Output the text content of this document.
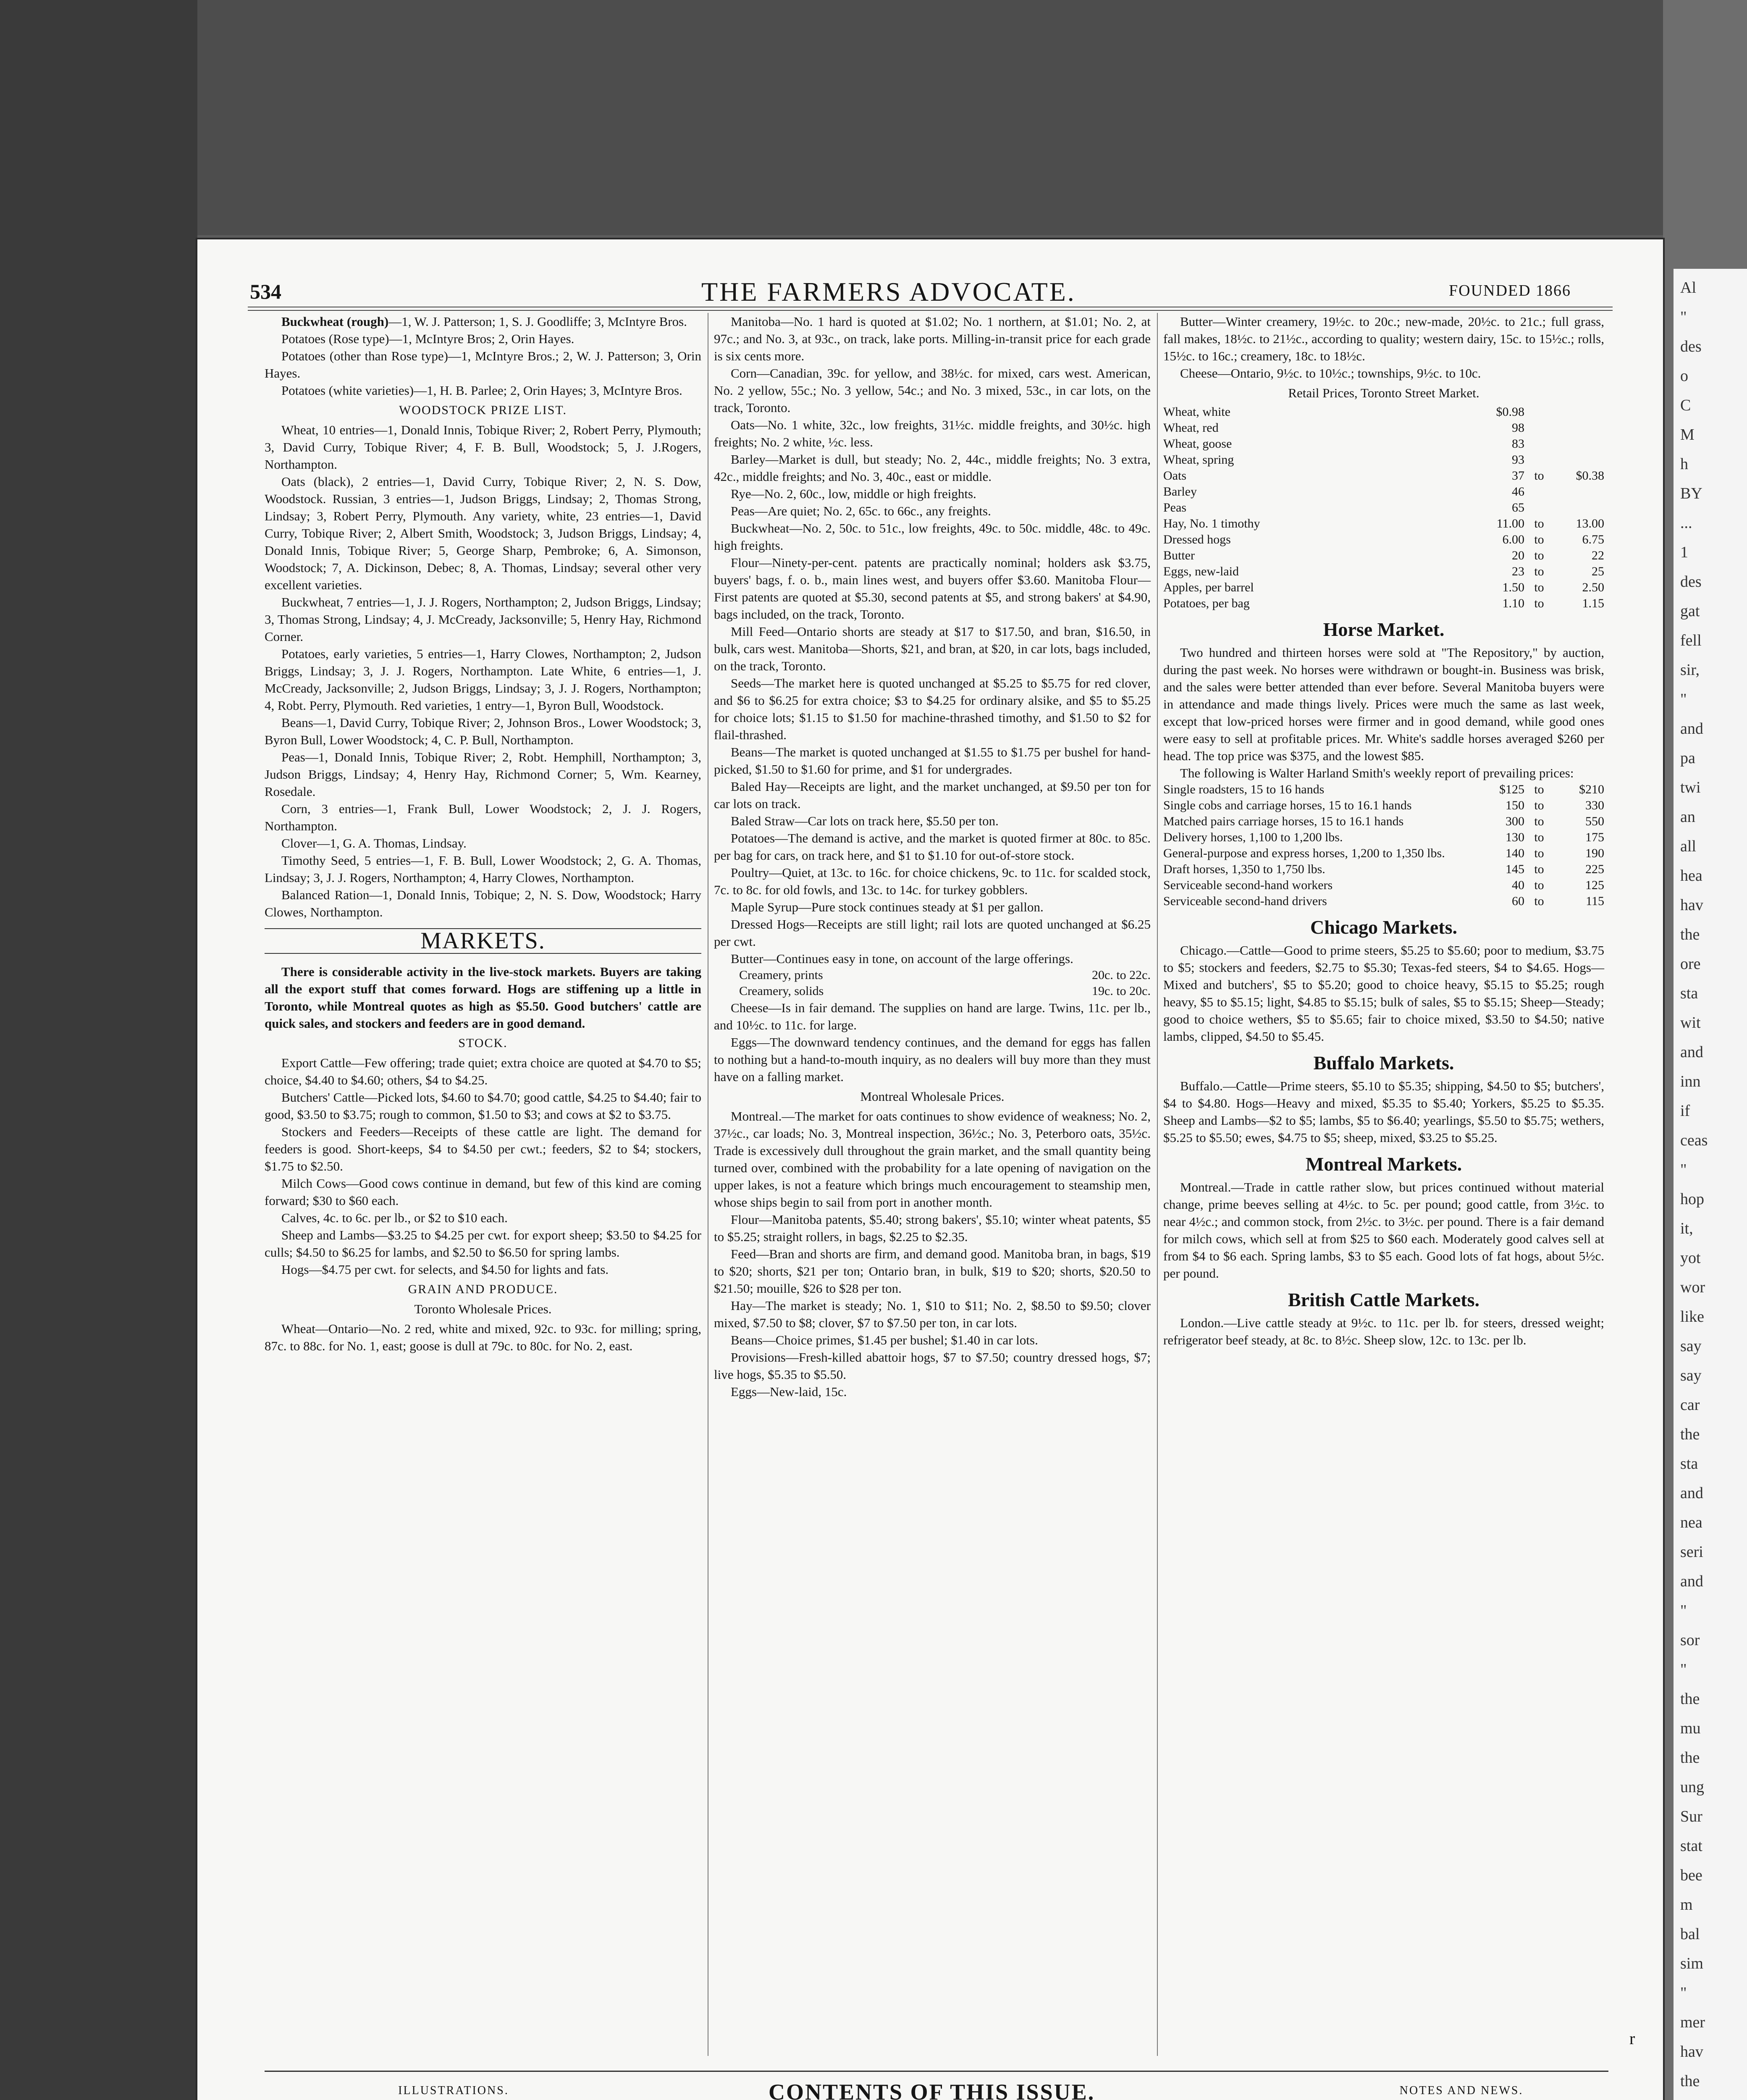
Al
"
des
o
C
M
h
BY
...
1
des
gat
fell
sir,
"
and
pa
twi
an
all
hea
hav
the
ore
sta
wit
and
inn
if
ceas
"
hop
it,
yot
wor
like
say
say
car
the
sta
and
nea
seri
and
"
sor
"
the
mu
the
ung
Sur
stat
bee
m
bal
sim
"
mer
hav
the
534	THE FARMERS ADVOCATE.	FOUNDED 1866

Buckwheat (rough)—1, W. J. Patterson; 1, S. J. Goodliffe; 3, McIntyre Bros.

Potatoes (Rose type)—1, McIntyre Bros; 2, Orin Hayes.

Potatoes (other than Rose type)—1, McIntyre Bros.; 2, W. J. Patterson; 3, Orin Hayes.

Potatoes (white varieties)—1, H. B. Parlee; 2, Orin Hayes; 3, McIntyre Bros.

WOODSTOCK PRIZE LIST.

Wheat, 10 entries—1, Donald Innis, Tobique River; 2, Robert Perry, Plymouth; 3, David Curry, Tobique River; 4, F. B. Bull, Woodstock; 5, J. J.Rogers, Northampton.

Oats (black), 2 entries—1, David Curry, Tobique River; 2, N. S. Dow, Woodstock. Russian, 3 entries—1, Judson Briggs, Lindsay; 2, Thomas Strong, Lindsay; 3, Robert Perry, Plymouth. Any variety, white, 23 entries—1, David Curry, Tobique River; 2, Albert Smith, Woodstock; 3, Judson Briggs, Lindsay; 4, Donald Innis, Tobique River; 5, George Sharp, Pembroke; 6, A. Simonson, Woodstock; 7, A. Dickinson, Debec; 8, A. Thomas, Lindsay; several other very excellent varieties.

Buckwheat, 7 entries—1, J. J. Rogers, Northampton; 2, Judson Briggs, Lindsay; 3, Thomas Strong, Lindsay; 4, J. McCready, Jacksonville; 5, Henry Hay, Richmond Corner.

Potatoes, early varieties, 5 entries—1, Harry Clowes, Northampton; 2, Judson Briggs, Lindsay; 3, J. J. Rogers, Northampton. Late White, 6 entries—1, J. McCready, Jacksonville; 2, Judson Briggs, Lindsay; 3, J. J. Rogers, Northampton; 4, Robt. Perry, Plymouth. Red varieties, 1 entry—1, Byron Bull, Woodstock.

Beans—1, David Curry, Tobique River; 2, Johnson Bros., Lower Woodstock; 3, Byron Bull, Lower Woodstock; 4, C. P. Bull, Northampton.

Peas—1, Donald Innis, Tobique River; 2, Robt. Hemphill, Northampton; 3, Judson Briggs, Lindsay; 4, Henry Hay, Richmond Corner; 5, Wm. Kearney, Rosedale.

Corn, 3 entries—1, Frank Bull, Lower Woodstock; 2, J. J. Rogers, Northampton.

Clover—1, G. A. Thomas, Lindsay.

Timothy Seed, 5 entries—1, F. B. Bull, Lower Woodstock; 2, G. A. Thomas, Lindsay; 3, J. J. Rogers, Northampton; 4, Harry Clowes, Northampton.

Balanced Ration—1, Donald Innis, Tobique; 2, N. S. Dow, Woodstock; Harry Clowes, Northampton.

MARKETS.

There is considerable activity in the live-stock markets. Buyers are taking all the export stuff that comes forward. Hogs are stiffening up a little in Toronto, while Montreal quotes as high as $5.50. Good butchers' cattle are quick sales, and stockers and feeders are in good demand.

STOCK.

Export Cattle—Few offering; trade quiet; extra choice are quoted at $4.70 to $5; choice, $4.40 to $4.60; others, $4 to $4.25.

Butchers' Cattle—Picked lots, $4.60 to $4.70; good cattle, $4.25 to $4.40; fair to good, $3.50 to $3.75; rough to common, $1.50 to $3; and cows at $2 to $3.75.

Stockers and Feeders—Receipts of these cattle are light. The demand for feeders is good. Short-keeps, $4 to $4.50 per cwt.; feeders, $2 to $4; stockers, $1.75 to $2.50.

Milch Cows—Good cows continue in demand, but few of this kind are coming forward; $30 to $60 each.

Calves, 4c. to 6c. per lb., or $2 to $10 each.

Sheep and Lambs—$3.25 to $4.25 per cwt. for export sheep; $3.50 to $4.25 for culls; $4.50 to $6.25 for lambs, and $2.50 to $6.50 for spring lambs.

Hogs—$4.75 per cwt. for selects, and $4.50 for lights and fats.

GRAIN AND PRODUCE.

Toronto Wholesale Prices.

Wheat—Ontario—No. 2 red, white and mixed, 92c. to 93c. for milling; spring, 87c. to 88c. for No. 1, east; goose is dull at 79c. to 80c. for No. 2, east.

Manitoba—No. 1 hard is quoted at $1.02; No. 1 northern, at $1.01; No. 2, at 97c.; and No. 3, at 93c., on track, lake ports. Milling-in-transit price for each grade is six cents more.

Corn—Canadian, 39c. for yellow, and 38½c. for mixed, cars west. American, No. 2 yellow, 55c.; No. 3 yellow, 54c.; and No. 3 mixed, 53c., in car lots, on the track, Toronto.

Oats—No. 1 white, 32c., low freights, 31½c. middle freights, and 30½c. high freights; No. 2 white, ½c. less.

Barley—Market is dull, but steady; No. 2, 44c., middle freights; No. 3 extra, 42c., middle freights; and No. 3, 40c., east or middle.

Rye—No. 2, 60c., low, middle or high freights.

Peas—Are quiet; No. 2, 65c. to 66c., any freights.

Buckwheat—No. 2, 50c. to 51c., low freights, 49c. to 50c. middle, 48c. to 49c. high freights.

Flour—Ninety-per-cent. patents are practically nominal; holders ask $3.75, buyers' bags, f. o. b., main lines west, and buyers offer $3.60. Manitoba Flour—First patents are quoted at $5.30, second patents at $5, and strong bakers' at $4.90, bags included, on the track, Toronto.

Mill Feed—Ontario shorts are steady at $17 to $17.50, and bran, $16.50, in bulk, cars west. Manitoba—Shorts, $21, and bran, at $20, in car lots, bags included, on the track, Toronto.

Seeds—The market here is quoted unchanged at $5.25 to $5.75 for red clover, and $6 to $6.25 for extra choice; $3 to $4.25 for ordinary alsike, and $5 to $5.25 for choice lots; $1.15 to $1.50 for machine-thrashed timothy, and $1.50 to $2 for flail-thrashed.

Beans—The market is quoted unchanged at $1.55 to $1.75 per bushel for hand-picked, $1.50 to $1.60 for prime, and $1 for undergrades.

Baled Hay—Receipts are light, and the market unchanged, at $9.50 per ton for car lots on track.

Baled Straw—Car lots on track here, $5.50 per ton.

Potatoes—The demand is active, and the market is quoted firmer at 80c. to 85c. per bag for cars, on track here, and $1 to $1.10 for out-of-store stock.

Poultry—Quiet, at 13c. to 16c. for choice chickens, 9c. to 11c. for scalded stock, 7c. to 8c. for old fowls, and 13c. to 14c. for turkey gobblers.

Maple Syrup—Pure stock continues steady at $1 per gallon.

Dressed Hogs—Receipts are still light; rail lots are quoted unchanged at $6.25 per cwt.

Butter—Continues easy in tone, on account of the large offerings.

Creamery, prints	20c. to 22c.
Creamery, solids	19c. to 20c.

Cheese—Is in fair demand. The supplies on hand are large. Twins, 11c. per lb., and 10½c. to 11c. for large.

Eggs—The downward tendency continues, and the demand for eggs has fallen to nothing but a hand-to-mouth inquiry, as no dealers will buy more than they must have on a falling market.

Montreal Wholesale Prices.

Montreal.—The market for oats continues to show evidence of weakness; No. 2, 37½c., car loads; No. 3, Montreal inspection, 36½c.; No. 3, Peterboro oats, 35½c. Trade is excessively dull throughout the grain market, and the small quantity being turned over, combined with the probability for a late opening of navigation on the upper lakes, is not a feature which brings much encouragement to steamship men, whose ships begin to sail from port in another month.

Flour—Manitoba patents, $5.40; strong bakers', $5.10; winter wheat patents, $5 to $5.25; straight rollers, in bags, $2.25 to $2.35.

Feed—Bran and shorts are firm, and demand good. Manitoba bran, in bags, $19 to $20; shorts, $21 per ton; Ontario bran, in bulk, $19 to $20; shorts, $20.50 to $21.50; mouille, $26 to $28 per ton.

Hay—The market is steady; No. 1, $10 to $11; No. 2, $8.50 to $9.50; clover mixed, $7.50 to $8; clover, $7 to $7.50 per ton, in car lots.

Beans—Choice primes, $1.45 per bushel; $1.40 in car lots.

Provisions—Fresh-killed abattoir hogs, $7 to $7.50; country dressed hogs, $7; live hogs, $5.35 to $5.50.

Eggs—New-laid, 15c.

Butter—Winter creamery, 19½c. to 20c.; new-made, 20½c. to 21c.; full grass, fall makes, 18½c. to 21½c., according to quality; western dairy, 15c. to 15½c.; rolls, 15½c. to 16c.; creamery, 18c. to 18½c.

Cheese—Ontario, 9½c. to 10½c.; townships, 9½c. to 10c.

Retail Prices, Toronto Street Market.

Wheat, white	$0.98		
Wheat, red	98		
Wheat, goose	83		
Wheat, spring	93		
Oats	37	to	$0.38
Barley	46		
Peas	65		
Hay, No. 1 timothy	11.00	to	13.00
Dressed hogs	6.00	to	6.75
Butter	20	to	22
Eggs, new-laid	23	to	25
Apples, per barrel	1.50	to	2.50
Potatoes, per bag	1.10	to	1.15
Horse Market.

Two hundred and thirteen horses were sold at "The Repository," by auction, during the past week. No horses were withdrawn or bought-in. Business was brisk, and the sales were better attended than ever before. Several Manitoba buyers were in attendance and made things lively. Prices were much the same as last week, except that low-priced horses were firmer and in good demand, while good ones were easy to sell at profitable prices. Mr. White's saddle horses averaged $260 per head. The top price was $375, and the lowest $85.

The following is Walter Harland Smith's weekly report of prevailing prices:

Single roadsters, 15 to 16 hands	$125	to	$210
Single cobs and carriage horses, 15 to 16.1 hands	150	to	330
Matched pairs carriage horses, 15 to 16.1 hands	300	to	550
Delivery horses, 1,100 to 1,200 lbs.	130	to	175
General-purpose and express horses, 1,200 to 1,350 lbs.	140	to	190
Draft horses, 1,350 to 1,750 lbs.	145	to	225
Serviceable second-hand workers	40	to	125
Serviceable second-hand drivers	60	to	115
Chicago Markets.

Chicago.—Cattle—Good to prime steers, $5.25 to $5.60; poor to medium, $3.75 to $5; stockers and feeders, $2.75 to $5.30; Texas-fed steers, $4 to $4.65. Hogs—Mixed and butchers', $5 to $5.20; good to choice heavy, $5.15 to $5.25; rough heavy, $5 to $5.15; light, $4.85 to $5.15; bulk of sales, $5 to $5.15; Sheep—Steady; good to choice wethers, $5 to $5.65; fair to choice mixed, $3.50 to $4.50; native lambs, clipped, $4.50 to $5.45.

Buffalo Markets.

Buffalo.—Cattle—Prime steers, $5.10 to $5.35; shipping, $4.50 to $5; butchers', $4 to $4.80. Hogs—Heavy and mixed, $5.35 to $5.40; Yorkers, $5.25 to $5.35. Sheep and Lambs—$2 to $5; lambs, $5 to $6.40; yearlings, $5.50 to $5.75; wethers, $5.25 to $5.50; ewes, $4.75 to $5; sheep, mixed, $3.25 to $5.25.

Montreal Markets.

Montreal.—Trade in cattle rather slow, but prices continued without material change, prime beeves selling at 4½c. to 5c. per pound; good cattle, from 3½c. to near 4½c.; and common stock, from 2½c. to 3½c. per pound. There is a fair demand for milch cows, which sell at from $25 to $60 each. Moderately good calves sell at from $4 to $6 each. Spring lambs, $3 to $5 each. Good lots of fat hogs, about 5½c. per pound.

British Cattle Markets.

London.—Live cattle steady at 9½c. to 11c. per lb. for steers, dressed weight; refrigerator beef steady, at 8c. to 8½c. Sheep slow, 12c. to 13c. per lb.

CONTENTS OF THIS ISSUE.
ILLUSTRATIONS.	NOTES AND NEWS.
r
